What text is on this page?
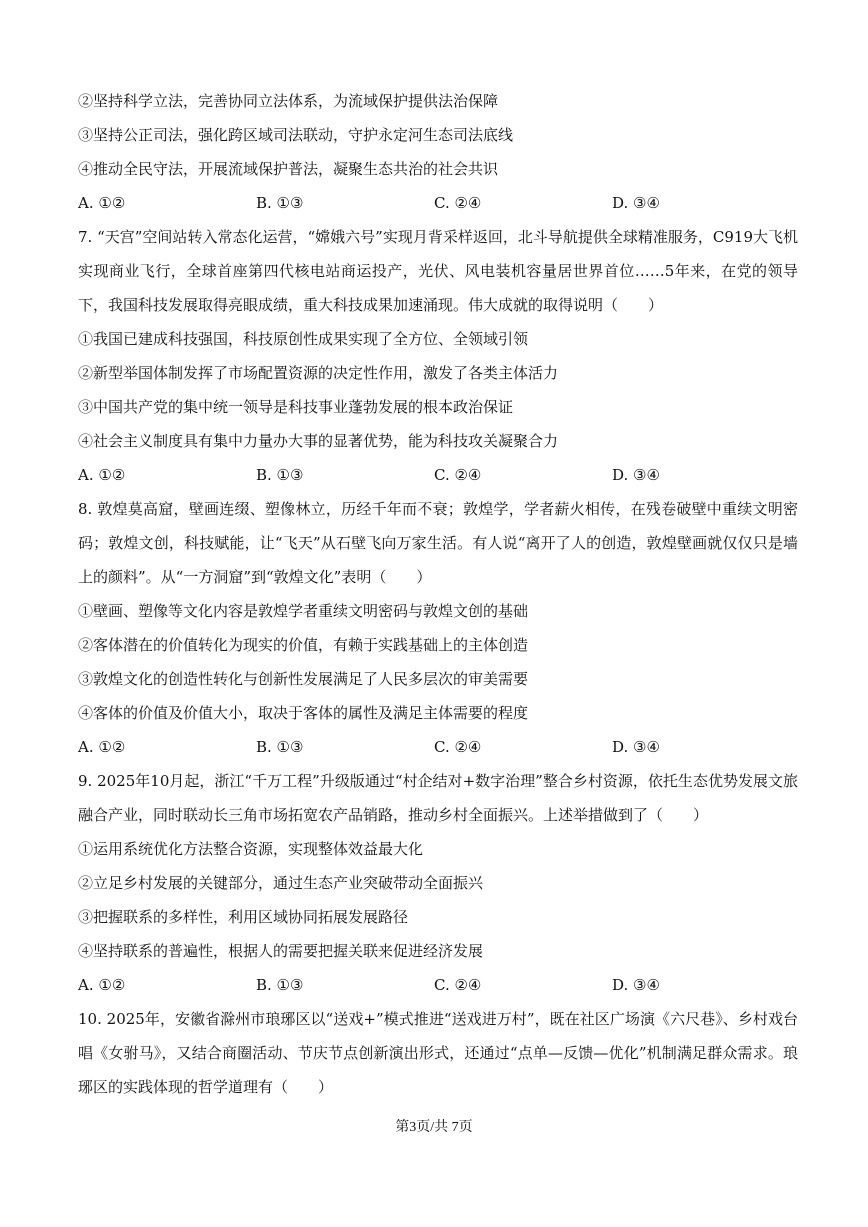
②坚持科学立法，完善协同立法体系，为流域保护提供法治保障
③坚持公正司法，强化跨区域司法联动，守护永定河生态司法底线
④推动全民守法，开展流域保护普法，凝聚生态共治的社会共识
A. ①②	B. ①③	C. ②④	D. ③④
7. “天宫”空间站转入常态化运营，“嫦娥六号”实现月背采样返回，北斗导航提供全球精准服务，C919大飞机实现商业飞行，全球首座第四代核电站商运投产，光伏、风电装机容量居世界首位……5年来，在党的领导下，我国科技发展取得亮眼成绩，重大科技成果加速涌现。伟大成就的取得说明（　　）
①我国已建成科技强国，科技原创性成果实现了全方位、全领域引领
②新型举国体制发挥了市场配置资源的决定性作用，激发了各类主体活力
③中国共产党的集中统一领导是科技事业蓬勃发展的根本政治保证
④社会主义制度具有集中力量办大事的显著优势，能为科技攻关凝聚合力
A. ①②	B. ①③	C. ②④	D. ③④
8. 敦煌莫高窟，壁画连缀、塑像林立，历经千年而不衰；敦煌学，学者薪火相传，在残卷破壁中重续文明密码；敦煌文创，科技赋能，让“飞天”从石壁飞向万家生活。有人说“离开了人的创造，敦煌壁画就仅仅只是墙上的颜料”。从“一方洞窟”到“敦煌文化”表明（　　）
①壁画、塑像等文化内容是敦煌学者重续文明密码与敦煌文创的基础
②客体潜在的价值转化为现实的价值，有赖于实践基础上的主体创造
③敦煌文化的创造性转化与创新性发展满足了人民多层次的审美需要
④客体的价值及价值大小，取决于客体的属性及满足主体需要的程度
A. ①②	B. ①③	C. ②④	D. ③④
9. 2025年10月起，浙江“千万工程”升级版通过“村企结对+数字治理”整合乡村资源，依托生态优势发展文旅融合产业，同时联动长三角市场拓宽农产品销路，推动乡村全面振兴。上述举措做到了（　　）
①运用系统优化方法整合资源，实现整体效益最大化
②立足乡村发展的关键部分，通过生态产业突破带动全面振兴
③把握联系的多样性，利用区域协同拓展发展路径
④坚持联系的普遍性，根据人的需要把握关联来促进经济发展
A. ①②	B. ①③	C. ②④	D. ③④
10. 2025年，安徽省滁州市琅琊区以“送戏+”模式推进“送戏进万村”，既在社区广场演《六尺巷》、乡村戏台唱《女驸马》，又结合商圈活动、节庆节点创新演出形式，还通过“点单—反馈—优化”机制满足群众需求。琅琊区的实践体现的哲学道理有（　　）
第3页/共 7页
